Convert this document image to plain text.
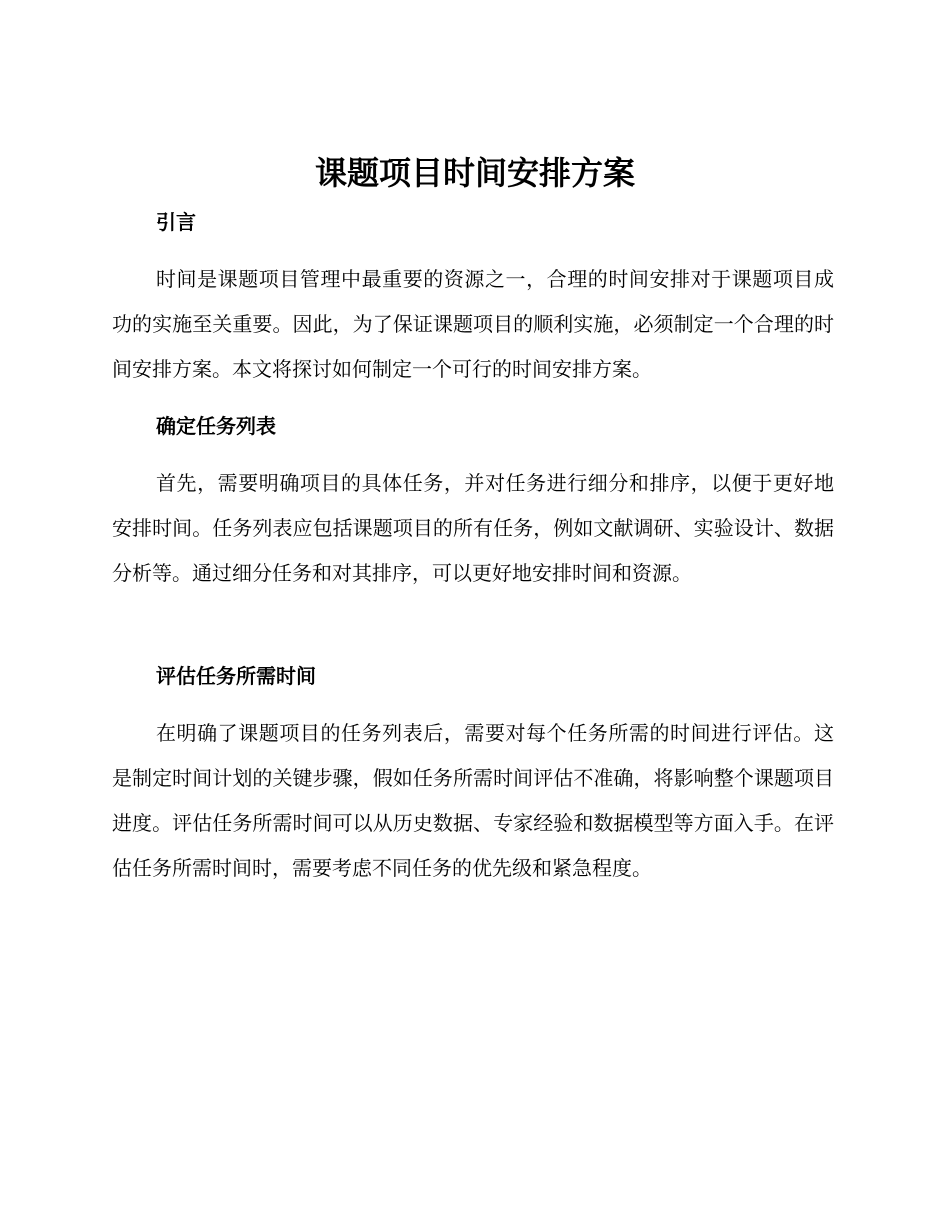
课题项目时间安排方案
引言

时间是课题项目管理中最重要的资源之一，合理的时间安排对于课题项目成功的实施至关重要。因此，为了保证课题项目的顺利实施，必须制定一个合理的时间安排方案。本文将探讨如何制定一个可行的时间安排方案。

确定任务列表

首先，需要明确项目的具体任务，并对任务进行细分和排序，以便于更好地安排时间。任务列表应包括课题项目的所有任务，例如文献调研、实验设计、数据分析等。通过细分任务和对其排序，可以更好地安排时间和资源。

评估任务所需时间

在明确了课题项目的任务列表后，需要对每个任务所需的时间进行评估。这是制定时间计划的关键步骤，假如任务所需时间评估不准确，将影响整个课题项目进度。评估任务所需时间可以从历史数据、专家经验和数据模型等方面入手。在评估任务所需时间时，需要考虑不同任务的优先级和紧急程度。
